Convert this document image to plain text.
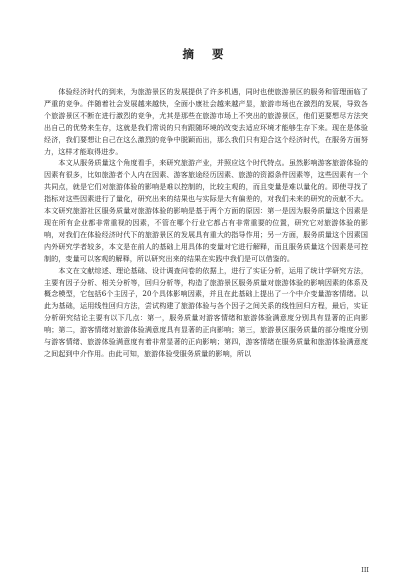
摘 要

体验经济时代的到来，为旅游景区的发展提供了许多机遇，同时也使旅游景区的服务和管理面临了严重的竞争。伴随着社会发展越来越快，全面小康社会越来越产显，旅游市场也在激烈的发展，导致各个旅游景区不断在进行激烈的竞争，尤其是那些在旅游市场上不突出的旅游景区，他们更要想尽方法突出自己的优势来生存，这就是我们常说的只有跟随环境的改变去适应环境才能够生存下来。现在是体验经济，我们要想让自己在这么激烈的竞争中脱颖而出，那么我们只有迎合这个经济时代，在服务方面努力，这样才能取得进步。

本文从服务质量这个角度看手，来研究旅游产业，并照应这个时代特点。虽然影响游客旅游体验的因素有很多，比如旅游者个人内在因素、游客旅途经历因素、旅游的资源条件因素等，这些因素有一个共同点，就是它们对旅游体验的影响是难以控制的，比较主观的，而且变量是难以量化的。即使寻找了指标对这些因素进行了量化，研究出来的结果也与实际是大有偏差的，对我们未来的研究的贡献不大。本文研究旅游社区服务质量对旅游体验的影响是基于两个方面的原因：第一是因为服务质量这个因素是现在所有企业都非常重视的因素，不管在哪个行业它都占有非常重要的位置，研究它对旅游体验的影响，对我们在体验经济时代下的旅游景区的发展具有重大的指导作用；另一方面，服务质量这个因素国内外研究学者较多，本文是在前人的基础上用具体的变量对它进行解释，而且服务质量这个因素是可控制的，变量可以客观的解释，所以研究出来的结果在实践中我们是可以借鉴的。

本文在文献综述、理论基础、设计调查问卷的依据上，进行了实证分析，运用了统计学研究方法，主要有因子分析、相关分析等，回归分析等，构造了旅游景区服务质量对旅游体验的影响因素的体系及概念模型，它包括6个主因子，20个具体影响因素，并且在此基础上提出了一个中介变量游客情绪。以此为基础，运用线性回归方法，尝试构建了旅游体验与各个因子之间关系的线性回归方程，最后，实证分析研究结论主要有以下几点：第一，服务质量对游客情绪和旅游体验满意度分别具有显著的正向影响；第二，游客情绪对旅游体验满意度具有显著的正向影响；第三，旅游景区服务质量的部分维度分别与游客情绪、旅游体验满意度有着非常显著的正向影响；第四，游客情绪在服务质量和旅游体验满意度之间起到中介作用。由此可知，旅游体验受服务质量的影响，所以

III
